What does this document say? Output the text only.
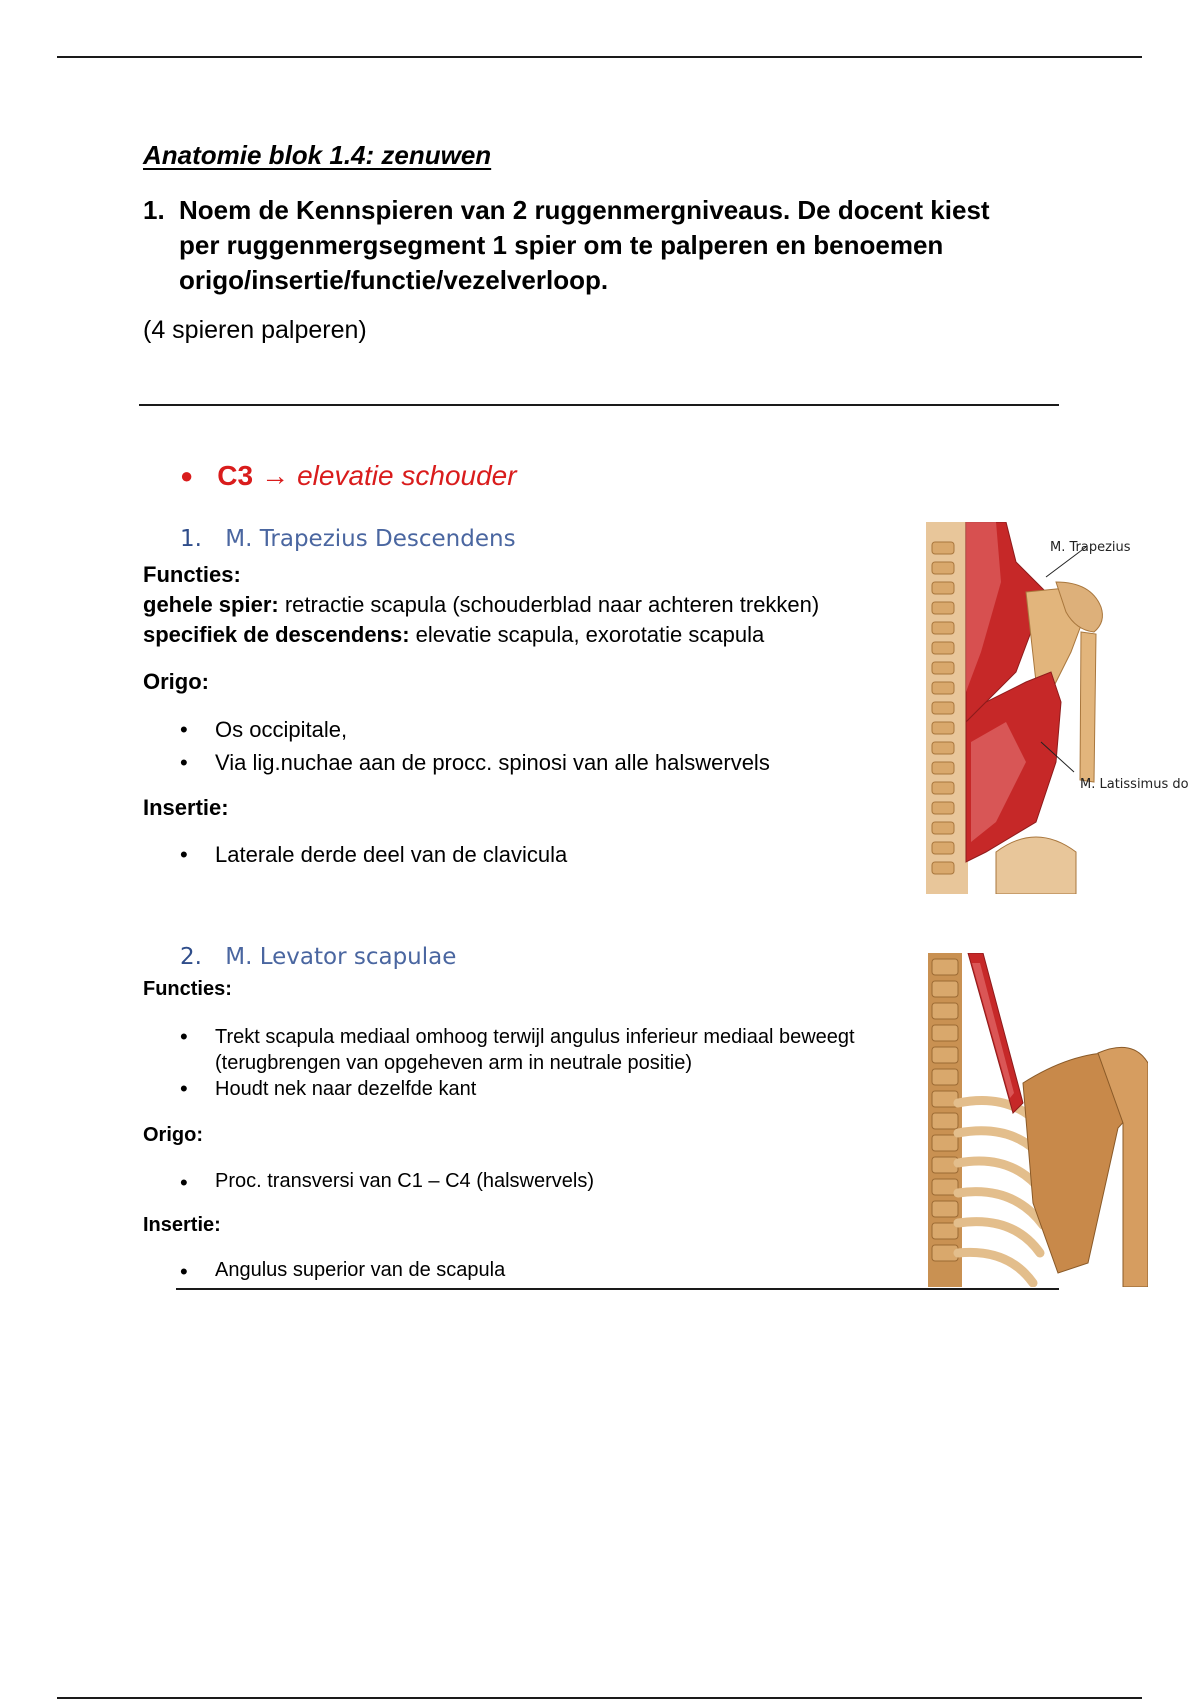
Anatomie blok 1.4: zenuwen
1. Noem de Kennspieren van 2 ruggenmergniveaus. De docent kiest per ruggenmergsegment 1 spier om te palperen en benoemen origo/insertie/functie/vezelverloop.
(4 spieren palperen)
● C3 → elevatie schouder
1. M. Trapezius Descendens
Functies:
gehele spier: retractie scapula (schouderblad naar achteren trekken)
specifiek de descendens: elevatie scapula, exorotatie scapula
Origo:
• Os occipitale,
• Via lig.nuchae aan de procc. spinosi van alle halswervels
Insertie:
• Laterale derde deel van de clavicula
M. Trapezius
M. Latissimus do
2. M. Levator scapulae
Functies:
• Trekt scapula mediaal omhoog terwijl angulus inferieur mediaal beweegt
(terugbrengen van opgeheven arm in neutrale positie)
• Houdt nek naar dezelfde kant
Origo:
• Proc. transversi van C1 – C4 (halswervels)
Insertie:
• Angulus superior van de scapula
